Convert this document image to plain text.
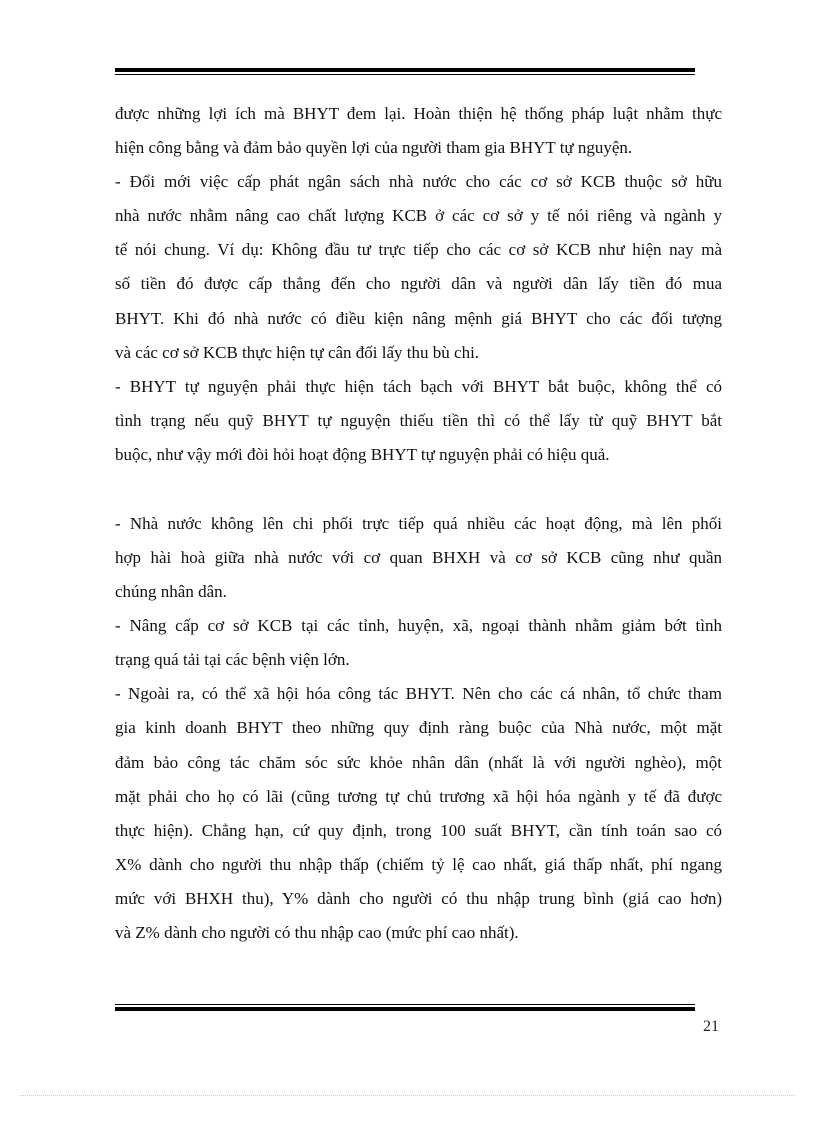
được những lợi ích mà BHYT đem lại. Hoàn thiện hệ thống pháp luật nhằm thực
hiện công bằng và đảm bảo quyền lợi của người tham gia BHYT tự nguyện.
- Đổi mới việc cấp phát ngân sách nhà nước cho các cơ sở KCB thuộc sở hữu
nhà nước nhằm nâng cao chất lượng KCB ở các cơ sở y tế nói riêng và ngành y
tế nói chung. Ví dụ: Không đầu tư trực tiếp cho các cơ sở KCB như hiện nay mà
số tiền đó được cấp thẳng đến cho người dân và người dân lấy tiền đó mua
BHYT. Khi đó nhà nước có điều kiện nâng mệnh giá BHYT cho các đối tượng
và các cơ sở KCB thực hiện tự cân đối lấy thu bù chi.
- BHYT tự nguyện phải thực hiện tách bạch với BHYT bắt buộc, không thể có
tình trạng nếu quỹ BHYT tự nguyện thiếu tiền thì có thể lấy từ quỹ BHYT bắt
buộc, như vậy mới đòi hỏi hoạt động BHYT tự nguyện phải có hiệu quả.
- Nhà nước không lên chi phối trực tiếp quá nhiều các hoạt động, mà lên phối
hợp hài hoà giữa nhà nước với cơ quan BHXH và cơ sở KCB cũng như quần
chúng nhân dân.
- Nâng cấp cơ sở KCB tại các tỉnh, huyện, xã, ngoại thành nhằm giảm bớt tình
trạng quá tải tại các bệnh viện lớn.
- Ngoài ra, có thể xã hội hóa công tác BHYT. Nên cho các cá nhân, tổ chức tham
gia kinh doanh BHYT theo những quy định ràng buộc của Nhà nước, một mặt
đảm bảo công tác chăm sóc sức khỏe nhân dân (nhất là với người nghèo), một
mặt phải cho họ có lãi (cũng tương tự chủ trương xã hội hóa ngành y tế đã được
thực hiện). Chẳng hạn, cứ quy định, trong 100 suất BHYT, cần tính toán sao có
X% dành cho người thu nhập thấp (chiếm tỷ lệ cao nhất, giá thấp nhất, phí ngang
mức với BHXH thu), Y% dành cho người có thu nhập trung bình (giá cao hơn)
và Z% dành cho người có thu nhập cao (mức phí cao nhất).
21
